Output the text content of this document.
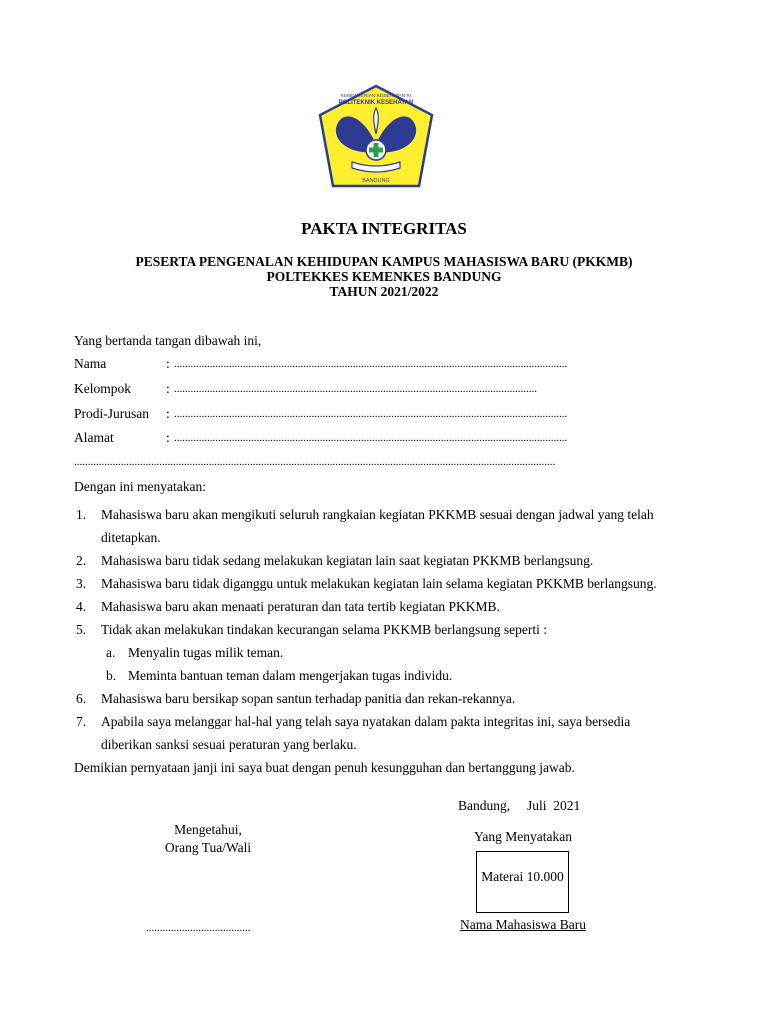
KEMENTERIAN KESEHATAN RI
POLITEKNIK KESEHATAN
BANDUNG
PAKTA INTEGRITAS
PESERTA PENGENALAN KEHIDUPAN KAMPUS MAHASISWA BARU (PKKMB)
POLTEKKES KEMENKES BANDUNG
TAHUN 2021/2022
Yang bertanda tangan dibawah ini,
Nama	: ...............................................................................................................................................
Kelompok	: ....................................................................................................................................
Prodi-Jurusan : ...............................................................................................................................................
Alamat	: ...............................................................................................................................................
...............................................................................................................................................................................
Dengan ini menyatakan:
1. Mahasiswa baru akan mengikuti seluruh rangkaian kegiatan PKKMB sesuai dengan jadwal yang telah
ditetapkan.
2. Mahasiswa baru tidak sedang melakukan kegiatan lain saat kegiatan PKKMB berlangsung.
3. Mahasiswa baru tidak diganggu untuk melakukan kegiatan lain selama kegiatan PKKMB berlangsung.
4. Mahasiswa baru akan menaati peraturan dan tata tertib kegiatan PKKMB.
5. Tidak akan melakukan tindakan kecurangan selama PKKMB berlangsung seperti :
a. Menyalin tugas milik teman.
b. Meminta bantuan teman dalam mengerjakan tugas individu.
6. Mahasiswa baru bersikap sopan santun terhadap panitia dan rekan-rekannya.
7. Apabila saya melanggar hal-hal yang telah saya nyatakan dalam pakta integritas ini, saya bersedia
diberikan sanksi sesuai peraturan yang berlaku.
Demikian pernyataan janji ini saya buat dengan penuh kesungguhan dan bertanggung jawab.
Bandung,     Juli  2021
Mengetahui,
Orang Tua/Wali
Yang Menyatakan
Materai 10.000
......................................	Nama Mahasiswa Baru
